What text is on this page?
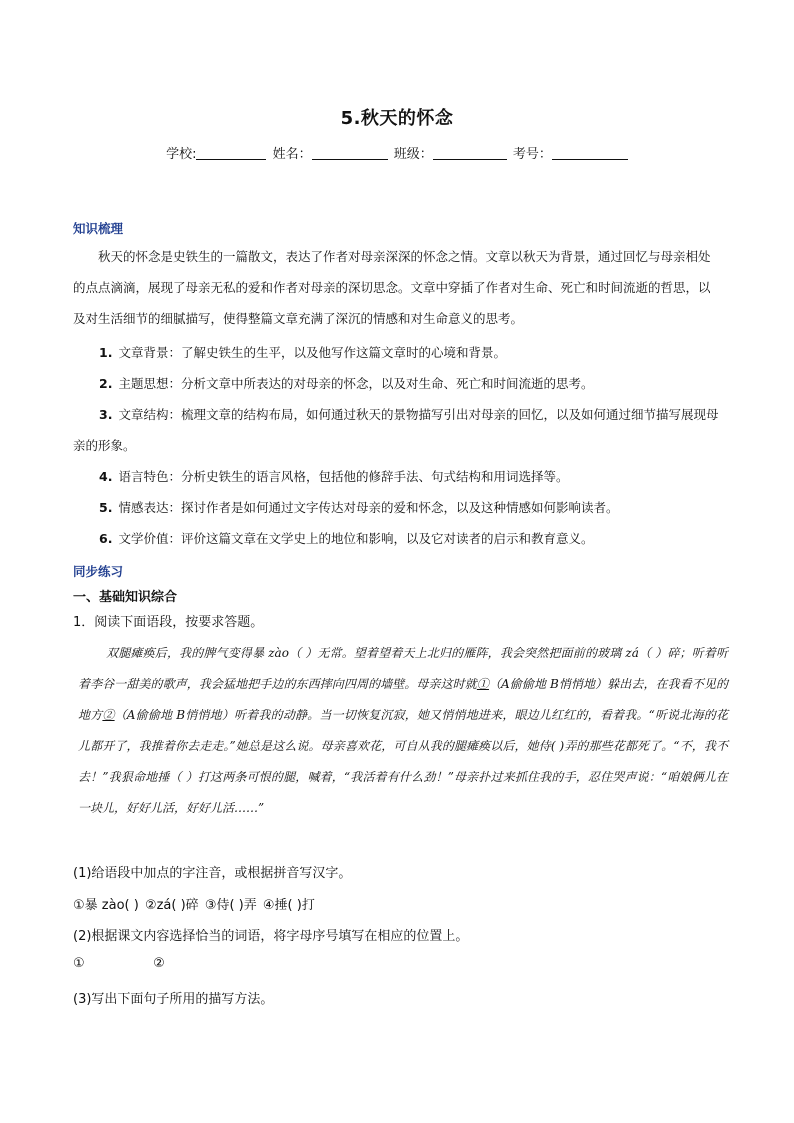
5.秋天的怀念
学校:	姓名：	班级：	考号：
知识梳理

秋天的怀念是史铁生的一篇散文，表达了作者对母亲深深的怀念之情。文章以秋天为背景，通过回忆与母亲相处的点点滴滴，展现了母亲无私的爱和作者对母亲的深切思念。文章中穿插了作者对生命、死亡和时间流逝的哲思，以及对生活细节的细腻描写，使得整篇文章充满了深沉的情感和对生命意义的思考。

1. 文章背景：了解史铁生的生平，以及他写作这篇文章时的心境和背景。

2. 主题思想：分析文章中所表达的对母亲的怀念，以及对生命、死亡和时间流逝的思考。

3. 文章结构：梳理文章的结构布局，如何通过秋天的景物描写引出对母亲的回忆，以及如何通过细节描写展现母亲的形象。

4. 语言特色：分析史铁生的语言风格，包括他的修辞手法、句式结构和用词选择等。

5. 情感表达：探讨作者是如何通过文字传达对母亲的爱和怀念，以及这种情感如何影响读者。

6. 文学价值：评价这篇文章在文学史上的地位和影响，以及它对读者的启示和教育意义。

同步练习
一、基础知识综合
1．阅读下面语段，按要求答题。

双腿瘫痪后，我的脾气变得暴 zào（ ）无常。望着望着天上北归的雁阵，我会突然把面前的玻璃 zá（ ）碎；听着听着李谷一甜美的歌声，我会猛地把手边的东西摔向四周的墙壁。母亲这时就①（A偷偷地 B悄悄地）躲出去，在我看不见的地方②（A偷偷地 B悄悄地）听着我的动静。当一切恢复沉寂，她又悄悄地进来，眼边儿红红的，看着我。“听说北海的花儿都开了，我推着你去走走。”她总是这么说。母亲喜欢花，可自从我的腿瘫痪以后，她侍( )弄的那些花都死了。“不，我不去！”我狠命地捶（ ）打这两条可恨的腿，喊着，“我活着有什么劲！”母亲扑过来抓住我的手，忍住哭声说：“咱娘俩儿在一块儿，好好儿活，好好儿活……”

(1)给语段中加点的字注音，或根据拼音写汉字。
①暴 zào( ) ②zá( )碎 ③侍( )弄 ④捶( )打
(2)根据课文内容选择恰当的词语，将字母序号填写在相应的位置上。
①	②
(3)写出下面句子所用的描写方法。
